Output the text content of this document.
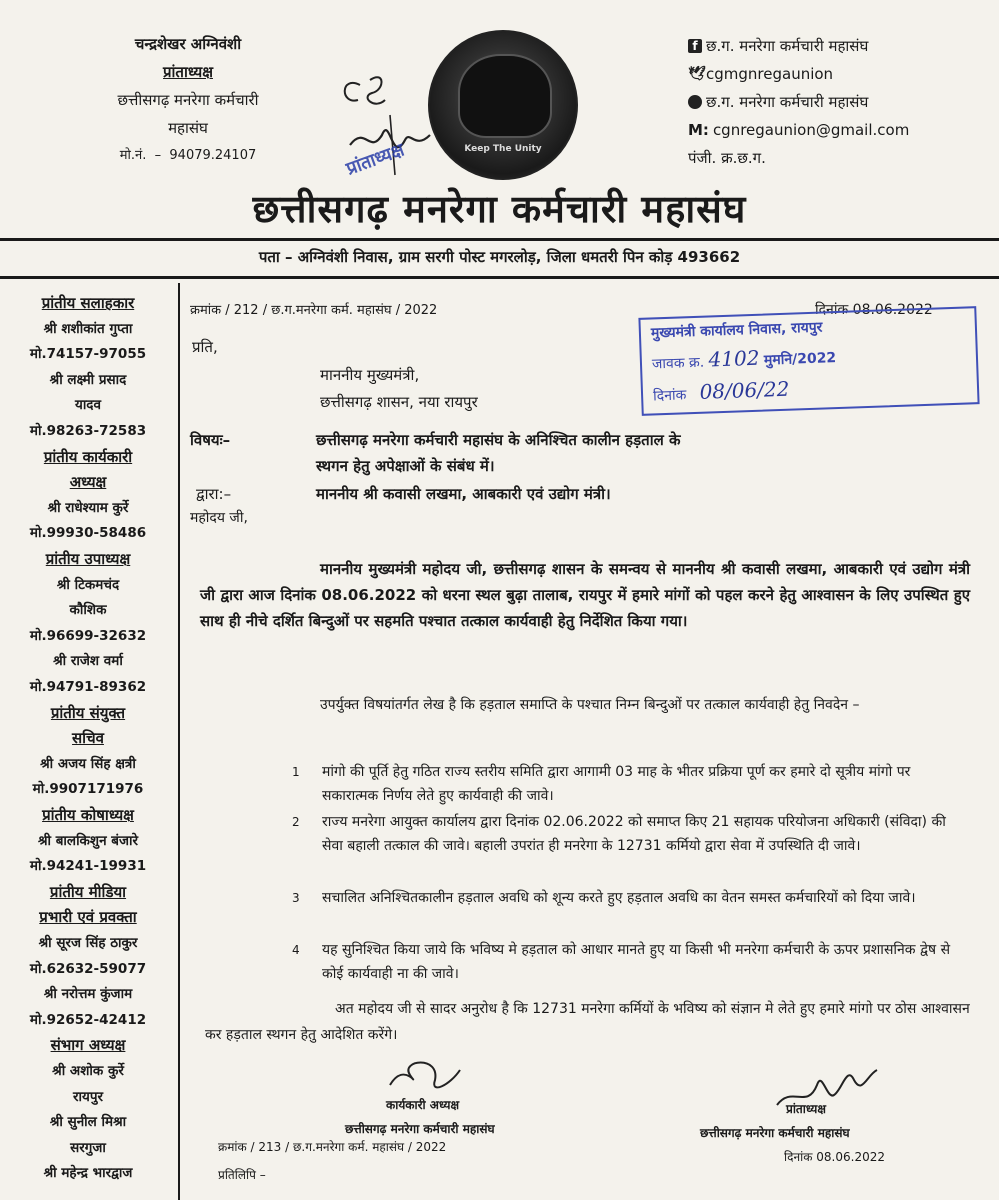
चन्द्रशेखर अग्निवंशी
प्रांताध्यक्ष
छत्तीसगढ़ मनरेगा कर्मचारी
महासंघ
मो.नं.  –  94079.24107	प्रांताध्यक्ष	Keep The Unity
f छ.ग. मनरेगा कर्मचारी महासंघ
🕊 cgmgnregaunion
छ.ग. मनरेगा कर्मचारी महासंघ
M: cgnregaunion@gmail.com
पंजी. क्र.छ.ग.
छत्तीसगढ़ मनरेगा कर्मचारी महासंघ
पता – अग्निवंशी निवास, ग्राम सरगी पोस्ट मगरलोड़, जिला धमतरी पिन कोड़ 493662
प्रांतीय सलाहकार
श्री शशीकांत गुप्ता
मो.74157-97055
श्री लक्ष्मी प्रसाद
यादव
मो.98263-72583
प्रांतीय कार्यकारी
अध्यक्ष
श्री राधेश्याम कुर्रे
मो.99930-58486
प्रांतीय उपाध्यक्ष
श्री टिकमचंद
कौशिक
मो.96699-32632
श्री राजेश वर्मा
मो.94791-89362
प्रांतीय संयुक्त
सचिव
श्री अजय सिंह क्षत्री
मो.9907171976
प्रांतीय कोषाध्यक्ष
श्री बालकिशुन बंजारे
मो.94241-19931
प्रांतीय मीडिया
प्रभारी एवं प्रवक्ता
श्री सूरज सिंह ठाकुर
मो.62632-59077
श्री नरोत्तम कुंजाम
मो.92652-42412
संभाग अध्यक्ष
श्री अशोक कुर्रे
रायपुर
श्री सुनील मिश्रा
सरगुजा
श्री महेन्द्र भारद्वाज
क्रमांक / 212 / छ.ग.मनरेगा कर्म. महासंघ / 2022	दिनांक 08.06.2022
मुख्यमंत्री कार्यालय निवास, रायपुर
जावक क्र. 4102 मुमनि/2022
दिनांक 08/06/22
प्रति,
माननीय मुख्यमंत्री,
छत्तीसगढ़ शासन, नया रायपुर
विषयः–	छत्तीसगढ़ मनरेगा कर्मचारी महासंघ के अनिश्चित कालीन हड़ताल के
स्थगन हेतु अपेक्षाओं के संबंध में।
द्वारा:–	माननीय श्री कवासी लखमा, आबकारी एवं उद्योग मंत्री।
महोदय जी,
माननीय मुख्यमंत्री महोदय जी, छत्तीसगढ़ शासन के समन्वय से माननीय श्री कवासी लखमा, आबकारी एवं उद्योग मंत्री जी द्वारा आज दिनांक 08.06.2022 को धरना स्थल बुढ़ा तालाब, रायपुर में हमारे मांगों को पहल करने हेतु आश्वासन के लिए उपस्थित हुए साथ ही नीचे दर्शित बिन्दुओं पर सहमति पश्चात तत्काल कार्यवाही हेतु निर्देशित किया गया।
उपर्युक्त विषयांतर्गत लेख है कि हड़ताल समाप्ति के पश्चात निम्न बिन्दुओं पर तत्काल कार्यवाही हेतु निवदेन –
1 मांगो की पूर्ति हेतु गठित राज्य स्तरीय समिति द्वारा आगामी 03 माह के भीतर प्रक्रिया पूर्ण कर हमारे दो सूत्रीय मांगो पर सकारात्मक निर्णय लेते हुए कार्यवाही की जावे।
2 राज्य मनरेगा आयुक्त कार्यालय द्वारा दिनांक 02.06.2022 को समाप्त किए 21 सहायक परियोजना अधिकारी (संविदा) की सेवा बहाली तत्काल की जावे। बहाली उपरांत ही मनरेगा के 12731 कर्मियो द्वारा सेवा में उपस्थिति दी जावे।
3 सचालित अनिश्चितकालीन हड़ताल अवधि को शून्य करते हुए हड़ताल अवधि का वेतन समस्त कर्मचारियों को दिया जावे।
4 यह सुनिश्चित किया जाये कि भविष्य मे हड़ताल को आधार मानते हुए या किसी भी मनरेगा कर्मचारी के ऊपर प्रशासनिक द्वेष से कोई कार्यवाही ना की जावे।
अत महोदय जी से सादर अनुरोध है कि 12731 मनरेगा कर्मियों के भविष्य को संज्ञान मे लेते हुए हमारे मांगो पर ठोस आश्वासन कर हड़ताल स्थगन हेतु आदेशित करेंगे।
कार्यकारी अध्यक्ष
छत्तीसगढ़ मनरेगा कर्मचारी महासंघ
प्रांताध्यक्ष
छत्तीसगढ़ मनरेगा कर्मचारी महासंघ
क्रमांक / 213 / छ.ग.मनरेगा कर्म. महासंघ / 2022
दिनांक 08.06.2022
प्रतिलिपि –
